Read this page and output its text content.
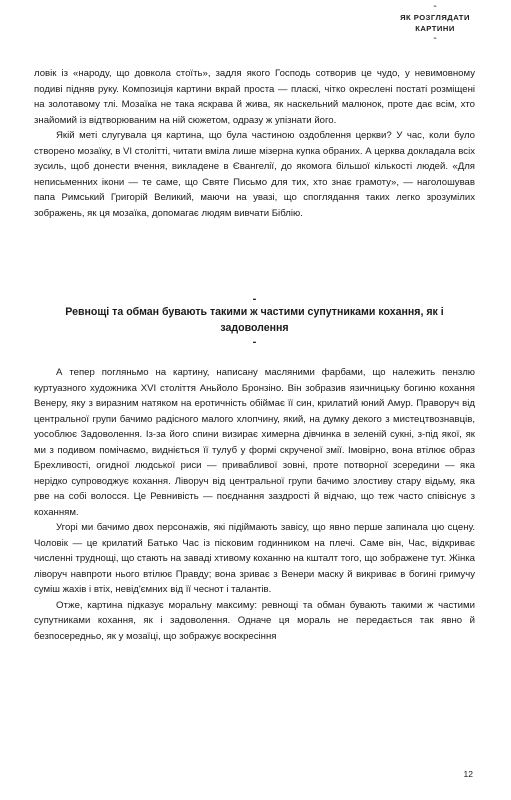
-
ЯК РОЗГЛЯДАТИ
КАРТИНИ
-

ловік із «народу, що довкола стоїть», задля якого Господь сотворив це чудо, у невимовному подиві підняв руку. Композиція картини вкрай проста — пласкі, чітко окреслені постаті розміщені на золотавому тлі. Мозаїка не така яскрава й жива, як наскельний малюнок, проте дає всім, хто знайомий із відтворюваним на ній сюжетом, одразу ж упізнати його.

Якій меті слугувала ця картина, що була частиною оздоблення церкви? У час, коли було створено мозаїку, в VI столітті, читати вміла лише мізерна купка обраних. А церква докладала всіх зусиль, щоб донести вчення, викладене в Євангелії, до якомога більшої кількості людей. «Для неписьменних ікони — те саме, що Святе Письмо для тих, хто знає грамоту», — наголошував папа Римський Григорій Великий, маючи на увазі, що споглядання таких легко зрозумілих зображень, як ця мозаїка, допомагає людям вивчати Біблію.

-

Ревнощі та обман бувають такими ж частими супутниками кохання, як і задоволення

-

А тепер погляньмо на картину, написану масляними фарбами, що належить пензлю куртуазного художника XVI століття Аньйоло Бронзіно. Він зобразив язичницьку богиню кохання Венеру, яку з виразним натяком на еротичність обіймає її син, крилатий юний Амур. Праворуч від центральної групи бачимо радісного малого хлопчину, який, на думку декого з мистецтвознавців, уособлює Задоволення. Із-за його спини визирає химерна дівчинка в зеленій сукні, з-під якої, як ми з подивом помічаємо, видніється її тулуб у формі скрученої змії. Імовірно, вона втілює образ Брехливості, огидної людської риси — привабливої зовні, проте потворної зсередини — яка нерідко супроводжує кохання. Ліворуч від центральної групи бачимо злостиву стару відьму, яка рве на собі волосся. Це Ревнивість — поєднання заздрості й відчаю, що теж часто співіснує з коханням.

Угорі ми бачимо двох персонажів, які підіймають завісу, що явно перше запинала цю сцену. Чоловік — це крилатий Батько Час із пісковим годинником на плечі. Саме він, Час, відкриває численні труднощі, що стають на заваді хтивому коханню на кшталт того, що зображене тут. Жінка ліворуч навпроти нього втілює Правду; вона зриває з Венери маску й викриває в богині гримучу суміш жахів і втіх, невід'ємних від її чеснот і талантів.

Отже, картина підказує моральну максиму: ревнощі та обман бувають такими ж частими супутниками кохання, як і задоволення. Одначе ця мораль не передається так явно й безпосередньо, як у мозаїці, що зображує воскресіння

12
